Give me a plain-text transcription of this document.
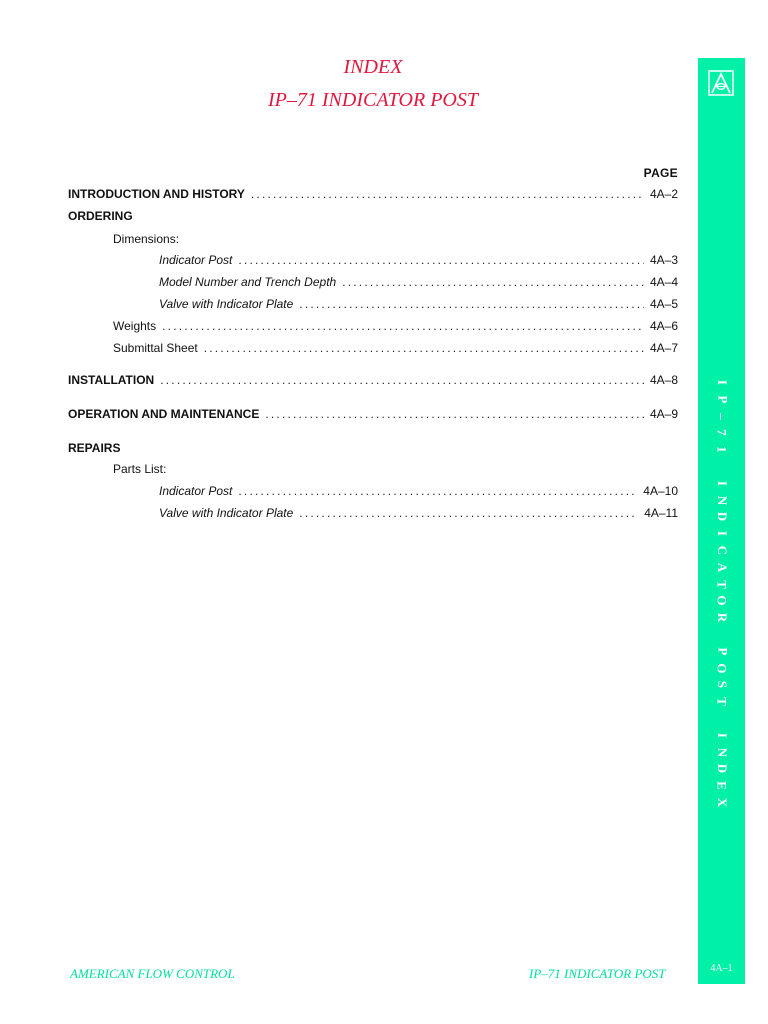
INDEX
IP–71 INDICATOR POST
PAGE
INTRODUCTION AND HISTORY .....	4A–2
ORDERING
Dimensions:
Indicator Post .....	4A–3
Model Number and Trench Depth .....	4A–4
Valve with Indicator Plate .....	4A–5
Weights .....	4A–6
Submittal Sheet .....	4A–7
INSTALLATION .....	4A–8
OPERATION AND MAINTENANCE .....	4A–9
REPAIRS
Parts List:
Indicator Post .....	4A–10
Valve with Indicator Plate .....	4A–11
I
P
–
7
1

I
N
D
I
C
A
T
O
R

P
O
S
T

I
N
D
E
X
4A–1
AMERICAN FLOW CONTROL	IP–71 INDICATOR POST
